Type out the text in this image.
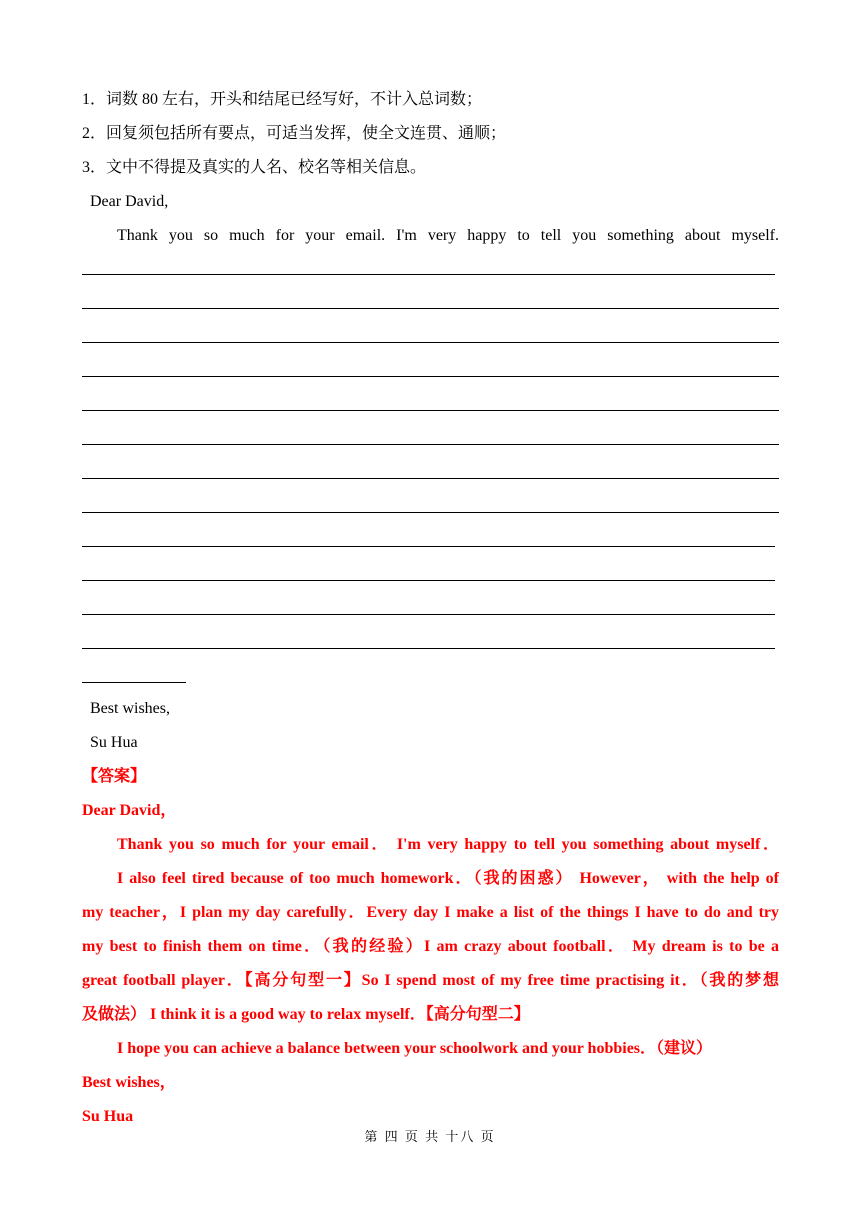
1．词数 80 左右，开头和结尾已经写好，不计入总词数；
2．回复须包括所有要点，可适当发挥，使全文连贯、通顺；
3．文中不得提及真实的人名、校名等相关信息。
Dear David,
Thank you so much for your email. I'm very happy to tell you something about myself.
Best wishes,
Su Hua
【答案】
Dear David，
Thank you so much for your email． I'm very happy to tell you something about myself．
I also feel tired because of too much homework．（我的困惑） However， with the help of
my teacher，I plan my day carefully．Every day I make a list of the things I have to do and try
my best to finish them on time．（我的经验）I am crazy about football． My dream is to be a
great football player．【高分句型一】So I spend most of my free time practising it．（我的梦想
及做法） I think it is a good way to relax myself．【高分句型二】
I hope you can achieve a balance between your schoolwork and your hobbies．（建议）
Best wishes，
Su Hua
第 四 页 共 十八 页
